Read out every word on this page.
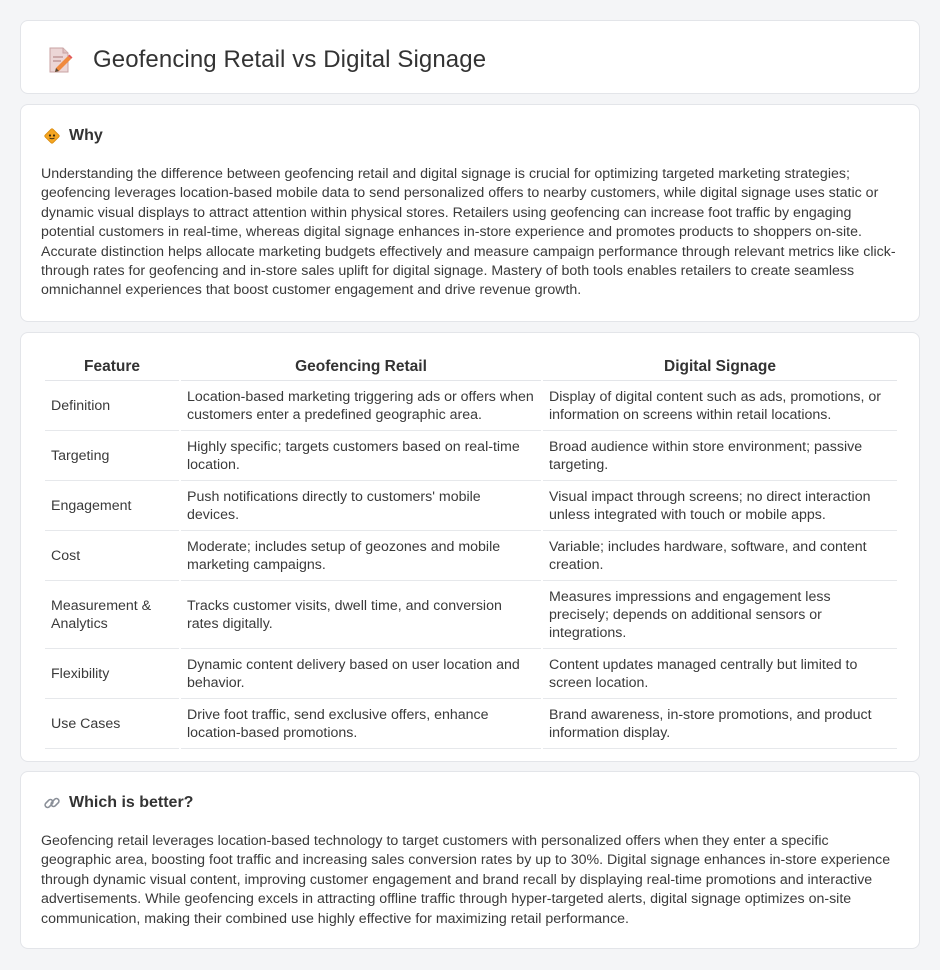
Geofencing Retail vs Digital Signage
Why

Understanding the difference between geofencing retail and digital signage is crucial for optimizing targeted marketing strategies; geofencing leverages location-based mobile data to send personalized offers to nearby customers, while digital signage uses static or dynamic visual displays to attract attention within physical stores. Retailers using geofencing can increase foot traffic by engaging potential customers in real-time, whereas digital signage enhances in-store experience and promotes products to shoppers on-site. Accurate distinction helps allocate marketing budgets effectively and measure campaign performance through relevant metrics like click-through rates for geofencing and in-store sales uplift for digital signage. Mastery of both tools enables retailers to create seamless omnichannel experiences that boost customer engagement and drive revenue growth.

Feature	Geofencing Retail	Digital Signage
Definition	Location-based marketing triggering ads or offers when customers enter a predefined geographic area.	Display of digital content such as ads, promotions, or information on screens within retail locations.
Targeting	Highly specific; targets customers based on real-time location.	Broad audience within store environment; passive targeting.
Engagement	Push notifications directly to customers' mobile devices.	Visual impact through screens; no direct interaction unless integrated with touch or mobile apps.
Cost	Moderate; includes setup of geozones and mobile marketing campaigns.	Variable; includes hardware, software, and content creation.
Measurement & Analytics	Tracks customer visits, dwell time, and conversion rates digitally.	Measures impressions and engagement less precisely; depends on additional sensors or integrations.
Flexibility	Dynamic content delivery based on user location and behavior.	Content updates managed centrally but limited to screen location.
Use Cases	Drive foot traffic, send exclusive offers, enhance location-based promotions.	Brand awareness, in-store promotions, and product information display.
Which is better?

Geofencing retail leverages location-based technology to target customers with personalized offers when they enter a specific geographic area, boosting foot traffic and increasing sales conversion rates by up to 30%. Digital signage enhances in-store experience through dynamic visual content, improving customer engagement and brand recall by displaying real-time promotions and interactive advertisements. While geofencing excels in attracting offline traffic through hyper-targeted alerts, digital signage optimizes on-site communication, making their combined use highly effective for maximizing retail performance.
